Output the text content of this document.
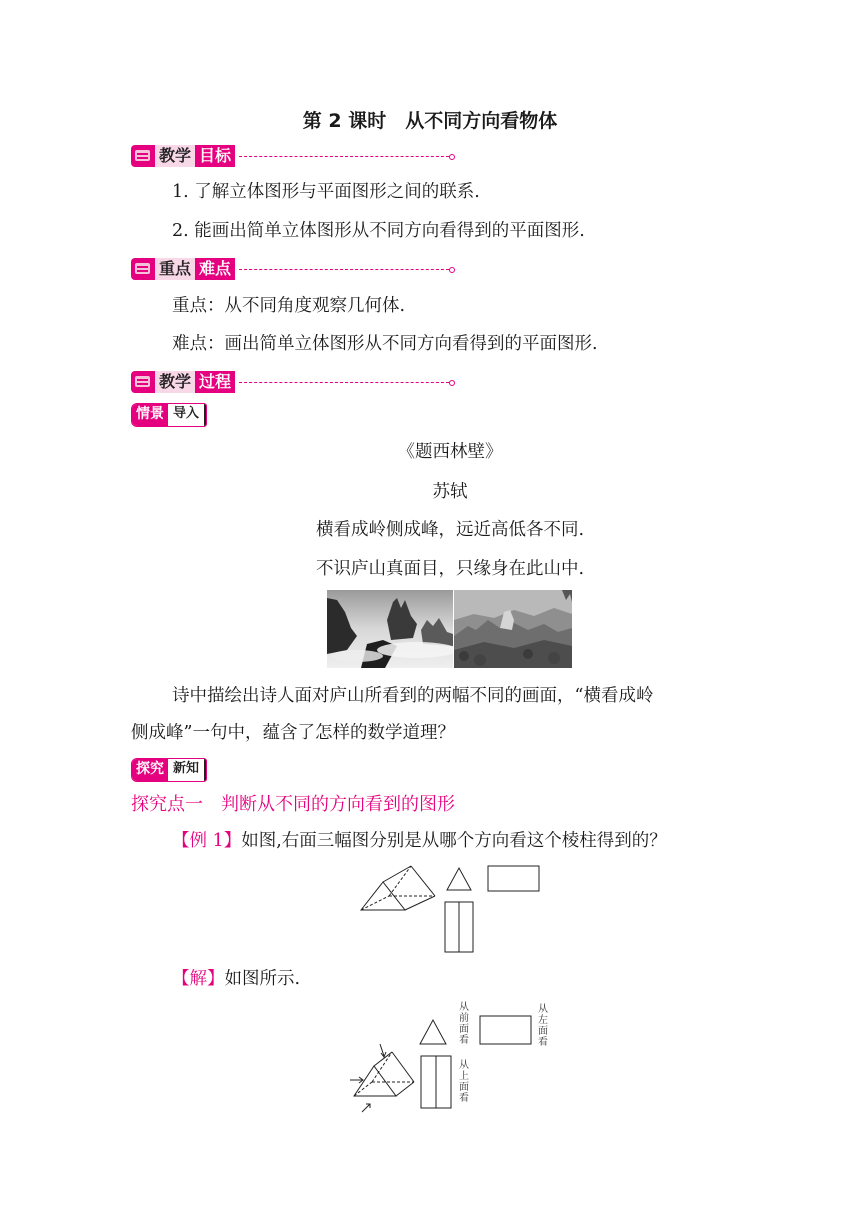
第 2 课时　从不同方向看物体
教学 目标
1. 了解立体图形与平面图形之间的联系.
2. 能画出简单立体图形从不同方向看得到的平面图形.
重点 难点
重点：从不同角度观察几何体.
难点：画出简单立体图形从不同方向看得到的平面图形.
教学 过程
情景 导入
《题西林壁》
苏轼
横看成岭侧成峰，远近高低各不同.
不识庐山真面目，只缘身在此山中.
诗中描绘出诗人面对庐山所看到的两幅不同的画面，“横看成岭
侧成峰”一句中，蕴含了怎样的数学道理？
探究 新知
探究点一　判断从不同的方向看到的图形
【例 1】如图,右面三幅图分别是从哪个方向看这个棱柱得到的？
【解】如图所示.
从前面看
从左面看
从上面看
